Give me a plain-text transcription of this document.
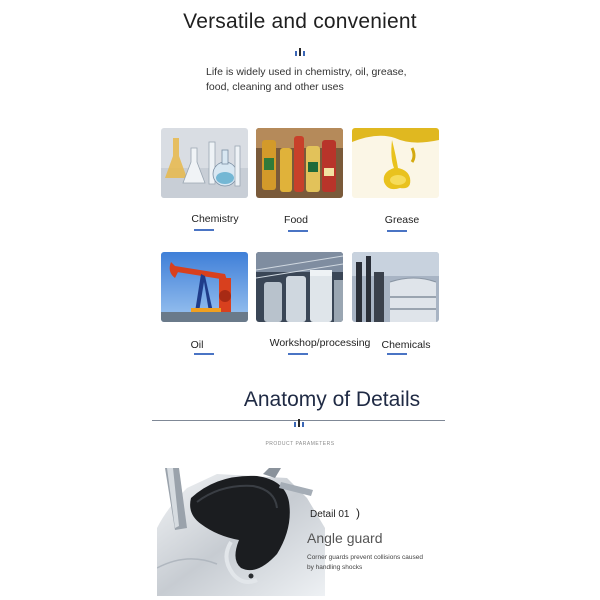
Versatile and convenient
Life is widely used in chemistry, oil, grease, food, cleaning and other uses
Chemistry	Food	Grease
Oil	Workshop/processing	Chemicals
Anatomy of Details
PRODUCT PARAMETERS
Detail 01 )
Angle guard
Corner guards prevent collisions caused by handling shocks
